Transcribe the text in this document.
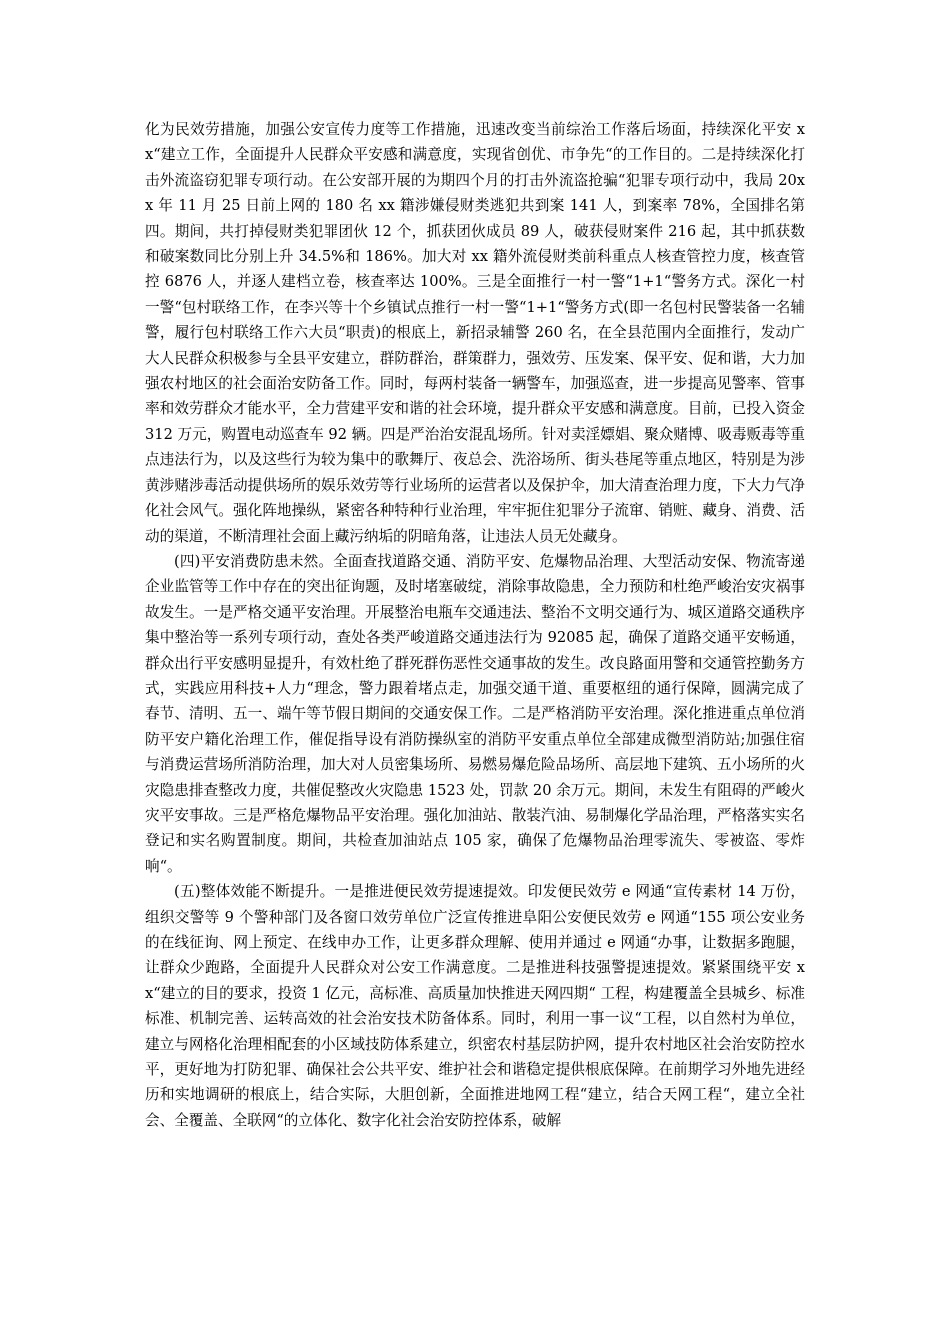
化为民效劳措施，加强公安宣传力度等工作措施，迅速改变当前综治工作落后场面，持续深化平安 xx“建立工作，全面提升人民群众平安感和满意度，实现省创优、市争先“的工作目的。二是持续深化打击外流盗窃犯罪专项行动。在公安部开展的为期四个月的打击外流盗抢骗“犯罪专项行动中，我局 20xx 年 11 月 25 日前上网的 180 名 xx 籍涉嫌侵财类逃犯共到案 141 人，到案率 78%，全国排名第四。期间，共打掉侵财类犯罪团伙 12 个，抓获团伙成员 89 人，破获侵财案件 216 起，其中抓获数和破案数同比分别上升 34.5%和 186%。加大对 xx 籍外流侵财类前科重点人核查管控力度，核查管控 6876 人，并逐人建档立卷，核查率达 100%。三是全面推行一村一警“1+1“警务方式。深化一村一警“包村联络工作，在李兴等十个乡镇试点推行一村一警“1+1“警务方式(即一名包村民警装备一名辅警，履行包村联络工作六大员“职责)的根底上，新招录辅警 260 名，在全县范围内全面推行，发动广大人民群众积极参与全县平安建立，群防群治，群策群力，强效劳、压发案、保平安、促和谐，大力加强农村地区的社会面治安防备工作。同时，每两村装备一辆警车，加强巡查，进一步提高见警率、管事率和效劳群众才能水平，全力营建平安和谐的社会环境，提升群众平安感和满意度。目前，已投入资金 312 万元，购置电动巡查车 92 辆。四是严治治安混乱场所。针对卖淫嫖娼、聚众赌博、吸毒贩毒等重点违法行为，以及这些行为较为集中的歌舞厅、夜总会、洗浴场所、街头巷尾等重点地区，特别是为涉黄涉赌涉毒活动提供场所的娱乐效劳等行业场所的运营者以及保护伞，加大清查治理力度，下大力气净化社会风气。强化阵地操纵，紧密各种特种行业治理，牢牢扼住犯罪分子流窜、销赃、藏身、消费、活动的渠道，不断清理社会面上藏污纳垢的阴暗角落，让违法人员无处藏身。

(四)平安消费防患未然。全面查找道路交通、消防平安、危爆物品治理、大型活动安保、物流寄递企业监管等工作中存在的突出征询题，及时堵塞破绽，消除事故隐患，全力预防和杜绝严峻治安灾祸事故发生。一是严格交通平安治理。开展整治电瓶车交通违法、整治不文明交通行为、城区道路交通秩序集中整治等一系列专项行动，查处各类严峻道路交通违法行为 92085 起，确保了道路交通平安畅通，群众出行平安感明显提升，有效杜绝了群死群伤恶性交通事故的发生。改良路面用警和交通管控勤务方式，实践应用科技+人力“理念，警力跟着堵点走，加强交通干道、重要枢纽的通行保障，圆满完成了春节、清明、五一、端午等节假日期间的交通安保工作。二是严格消防平安治理。深化推进重点单位消防平安户籍化治理工作，催促指导设有消防操纵室的消防平安重点单位全部建成微型消防站;加强住宿与消费运营场所消防治理，加大对人员密集场所、易燃易爆危险品场所、高层地下建筑、五小场所的火灾隐患排查整改力度，共催促整改火灾隐患 1523 处，罚款 20 余万元。期间，未发生有阻碍的严峻火灾平安事故。三是严格危爆物品平安治理。强化加油站、散装汽油、易制爆化学品治理，严格落实实名登记和实名购置制度。期间，共检查加油站点 105 家，确保了危爆物品治理零流失、零被盗、零炸响“。

(五)整体效能不断提升。一是推进便民效劳提速提效。印发便民效劳 e 网通“宣传素材 14 万份，组织交警等 9 个警种部门及各窗口效劳单位广泛宣传推进阜阳公安便民效劳 e 网通“155 项公安业务的在线征询、网上预定、在线申办工作，让更多群众理解、使用并通过 e 网通“办事，让数据多跑腿，让群众少跑路，全面提升人民群众对公安工作满意度。二是推进科技强警提速提效。紧紧围绕平安 xx“建立的目的要求，投资 1 亿元，高标准、高质量加快推进天网四期“ 工程，构建覆盖全县城乡、标准标准、机制完善、运转高效的社会治安技术防备体系。同时，利用一事一议“工程，以自然村为单位，建立与网格化治理相配套的小区域技防体系建立，织密农村基层防护网，提升农村地区社会治安防控水平，更好地为打防犯罪、确保社会公共平安、维护社会和谐稳定提供根底保障。在前期学习外地先进经历和实地调研的根底上，结合实际，大胆创新，全面推进地网工程“建立，结合天网工程“，建立全社会、全覆盖、全联网“的立体化、数字化社会治安防控体系，破解
